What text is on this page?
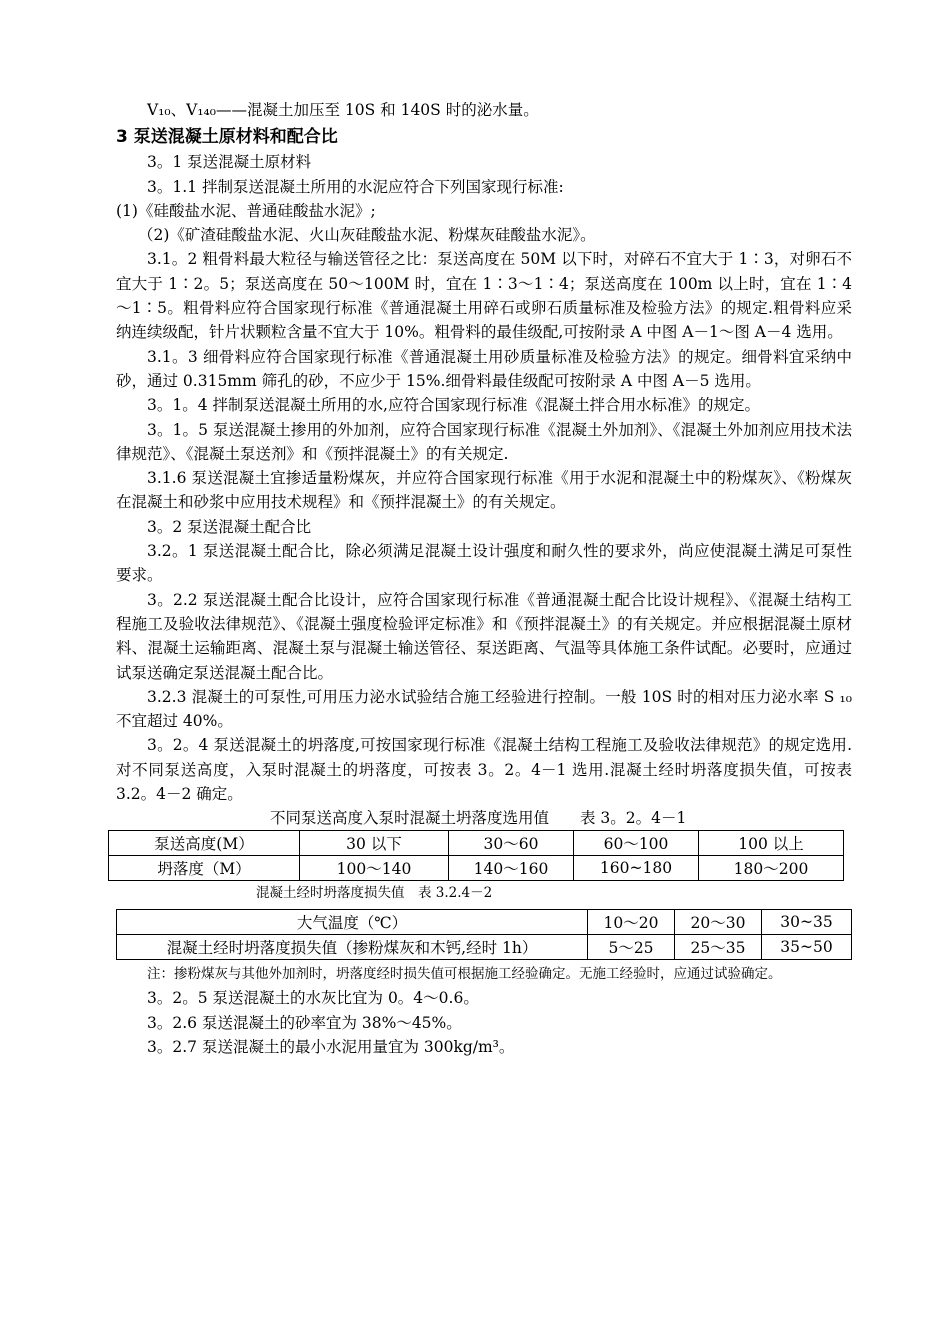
V₁₀、V₁₄₀——混凝土加压至 10S 和 140S 时的泌水量。

3 泵送混凝土原材料和配合比

3。1 泵送混凝土原材料

3。1.1 拌制泵送混凝土所用的水泥应符合下列国家现行标准:

(1)《硅酸盐水泥、普通硅酸盐水泥》;

（2)《矿渣硅酸盐水泥、火山灰硅酸盐水泥、粉煤灰硅酸盐水泥》。

3.1。2 粗骨料最大粒径与输送管径之比：泵送高度在 50M 以下时，对碎石不宜大于 1∶3，对卵石不宜大于 1∶2。5；泵送高度在 50～100M 时，宜在 1∶3～1∶4；泵送高度在 100m 以上时，宜在 1∶4～1∶5。粗骨料应符合国家现行标准《普通混凝土用碎石或卵石质量标准及检验方法》的规定.粗骨料应采纳连续级配，针片状颗粒含量不宜大于 10%。粗骨料的最佳级配,可按附录 A 中图 A－1～图 A－4 选用。

3.1。3 细骨料应符合国家现行标准《普通混凝土用砂质量标准及检验方法》的规定。细骨料宜采纳中砂，通过 0.315mm 筛孔的砂，不应少于 15%.细骨料最佳级配可按附录 A 中图 A－5 选用。

3。1。4 拌制泵送混凝土所用的水,应符合国家现行标准《混凝土拌合用水标准》的规定。

3。1。5 泵送混凝土掺用的外加剂，应符合国家现行标准《混凝土外加剂》、《混凝土外加剂应用技术法律规范》、《混凝土泵送剂》和《预拌混凝土》的有关规定.

3.1.6 泵送混凝土宜掺适量粉煤灰，并应符合国家现行标准《用于水泥和混凝土中的粉煤灰》、《粉煤灰在混凝土和砂浆中应用技术规程》和《预拌混凝土》的有关规定。

3。2 泵送混凝土配合比

3.2。1 泵送混凝土配合比，除必须满足混凝土设计强度和耐久性的要求外，尚应使混凝土满足可泵性要求。

3。2.2 泵送混凝土配合比设计，应符合国家现行标准《普通混凝土配合比设计规程》、《混凝土结构工程施工及验收法律规范》、《混凝土强度检验评定标准》和《预拌混凝土》的有关规定。并应根据混凝土原材料、混凝土运输距离、混凝土泵与混凝土输送管径、泵送距离、气温等具体施工条件试配。必要时，应通过试泵送确定泵送混凝土配合比。

3.2.3 混凝土的可泵性,可用压力泌水试验结合施工经验进行控制。一般 10S 时的相对压力泌水率 S ₁₀不宜超过 40%。

3。2。4 泵送混凝土的坍落度,可按国家现行标准《混凝土结构工程施工及验收法律规范》的规定选用.对不同泵送高度，入泵时混凝土的坍落度，可按表 3。2。4－1 选用.混凝土经时坍落度损失值，可按表 3.2。4－2 确定。

不同泵送高度入泵时混凝土坍落度选用值　　表 3。2。4－1

泵送高度(M）	30 以下	30～60	60～100	100 以上
坍落度（M）	100～140	140～160	160~180	180～200

混凝土经时坍落度损失值　表 3.2.4－2

大气温度（℃）	10～20	20～30	30~35
混凝土经时坍落度损失值（掺粉煤灰和木钙,经时 1h）	5～25	25～35	35~50

注：掺粉煤灰与其他外加剂时，坍落度经时损失值可根据施工经验确定。无施工经验时，应通过试验确定。

3。2。5 泵送混凝土的水灰比宜为 0。4～0.6。

3。2.6 泵送混凝土的砂率宜为 38%～45%。

3。2.7 泵送混凝土的最小水泥用量宜为 300kg/m³。
